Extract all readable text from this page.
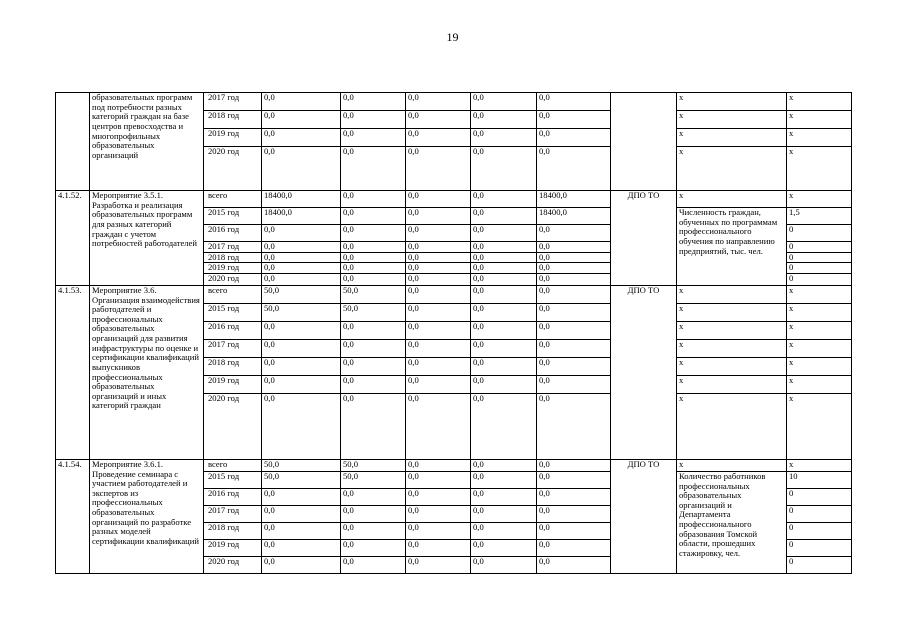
19
	образовательных программ под потребности разных категорий граждан на базе центров превосходства и многопрофильных образовательных организаций	2017 год	0,0	0,0	0,0	0,0	0,0		х	х
		2018 год	0,0	0,0	0,0	0,0	0,0		х	х
		2019 год	0,0	0,0	0,0	0,0	0,0		х	х
		2020 год	0,0	0,0	0,0	0,0	0,0		х	х
4.1.52.	Мероприятие 3.5.1. Разработка и реализация образовательных программ для разных категорий граждан с учетом потребностей работодателей	всего	18400,0	0,0	0,0	0,0	18400,0	ДПО ТО	х	х
		2015 год	18400,0	0,0	0,0	0,0	18400,0		Численность граждан, обученных по программам профессионального обучения по направлению предприятий, тыс. чел.	1,5
		2016 год	0,0	0,0	0,0	0,0	0,0			0
		2017 год	0,0	0,0	0,0	0,0	0,0			0
		2018 год	0,0	0,0	0,0	0,0	0,0			0
		2019 год	0,0	0,0	0,0	0,0	0,0			0
		2020 год	0,0	0,0	0,0	0,0	0,0			0
4.1.53.	Мероприятие 3.6. Организация взаимодействия работодателей и профессиональных образовательных организаций для развития инфраструктуры по оценке и сертификации квалификаций выпускников профессиональных образовательных организаций и иных категорий граждан	всего	50,0	50,0	0,0	0,0	0,0	ДПО ТО	х	х
		2015 год	50,0	50,0	0,0	0,0	0,0		х	х
		2016 год	0,0	0,0	0,0	0,0	0,0		х	х
		2017 год	0,0	0,0	0,0	0,0	0,0		х	х
		2018 год	0,0	0,0	0,0	0,0	0,0		х	х
		2019 год	0,0	0,0	0,0	0,0	0,0		х	х
		2020 год	0,0	0,0	0,0	0,0	0,0		х	х
4.1.54.	Мероприятие 3.6.1. Проведение семинара с участием работодателей и экспертов из профессиональных образовательных организаций по разработке разных моделей сертификации квалификаций	всего	50,0	50,0	0,0	0,0	0,0	ДПО ТО	х	х
		2015 год	50,0	50,0	0,0	0,0	0,0		Количество работников профессиональных образовательных организаций и Департамента профессионального образования Томской области, прошедших стажировку, чел.	10
		2016 год	0,0	0,0	0,0	0,0	0,0			0
		2017 год	0,0	0,0	0,0	0,0	0,0			0
		2018 год	0,0	0,0	0,0	0,0	0,0			0
		2019 год	0,0	0,0	0,0	0,0	0,0			0
		2020 год	0,0	0,0	0,0	0,0	0,0			0
